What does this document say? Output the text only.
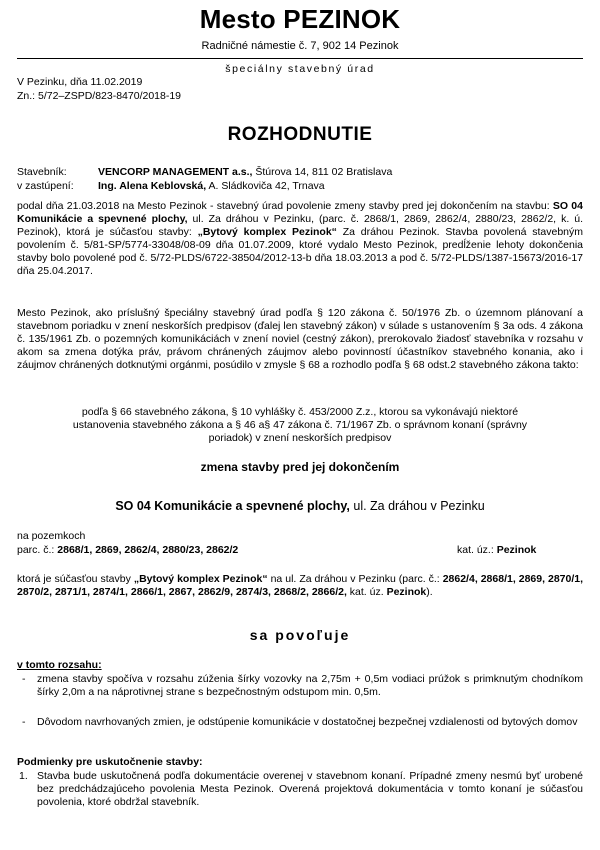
Mesto PEZINOK
Radničné námestie č. 7, 902 14 Pezinok
špeciálny stavebný úrad
V Pezinku, dňa 11.02.2019
Zn.: 5/72–ZSPD/823-8470/2018-19
ROZHODNUTIE
Stavebník:	VENCORP MANAGEMENT a.s., Štúrova 14, 811 02 Bratislava
v zastúpení: Ing. Alena Keblovská, A. Sládkoviča 42, Trnava
podal dňa 21.03.2018 na Mesto Pezinok - stavebný úrad povolenie zmeny stavby pred jej dokončením na stavbu: SO 04 Komunikácie a spevnené plochy, ul. Za dráhou v Pezinku, (parc. č. 2868/1, 2869, 2862/4, 2880/23, 2862/2, k. ú. Pezinok), ktorá je súčasťou stavby: „Bytový komplex Pezinok“ Za dráhou Pezinok. Stavba povolená stavebným povolením č. 5/81-SP/5774-33048/08-09 dňa 01.07.2009, ktoré vydalo Mesto Pezinok, predĺženie lehoty dokončenia stavby bolo povolené pod č. 5/72-PLDS/6722-38504/2012-13-b dňa 18.03.2013 a pod č. 5/72-PLDS/1387-15673/2016-17 dňa 25.04.2017.
Mesto Pezinok, ako príslušný špeciálny stavebný úrad podľa § 120 zákona č. 50/1976 Zb. o územnom plánovaní a stavebnom poriadku v znení neskorších predpisov (ďalej len stavebný zákon) v súlade s ustanovením § 3a ods. 4 zákona č. 135/1961 Zb. o pozemných komunikáciách v znení noviel (cestný zákon), prerokovalo žiadosť stavebníka v rozsahu v akom sa zmena dotýka práv, právom chránených záujmov alebo povinností účastníkov stavebného konania, ako i záujmov chránených dotknutými orgánmi, posúdilo v zmysle § 68 a rozhodlo podľa § 68 odst.2 stavebného zákona takto:
podľa § 66 stavebného zákona, § 10 vyhlášky č. 453/2000 Z.z., ktorou sa vykonávajú niektoré
ustanovenia stavebného zákona a § 46 a§ 47 zákona č. 71/1967 Zb. o správnom konaní (správny
poriadok) v znení neskorších predpisov
zmena stavby pred jej dokončením
SO 04 Komunikácie a spevnené plochy, ul. Za dráhou v Pezinku
na pozemkoch
parc. č.: 2868/1, 2869, 2862/4, 2880/23, 2862/2	kat. úz.: Pezinok
ktorá je súčasťou stavby „Bytový komplex Pezinok“ na ul. Za dráhou v Pezinku (parc. č.: 2862/4, 2868/1, 2869, 2870/1, 2870/2, 2871/1, 2874/1, 2866/1, 2867, 2862/9, 2874/3, 2868/2, 2866/2, kat. úz. Pezinok).
sa povoľuje
v tomto rozsahu:
- zmena stavby spočíva v rozsahu zúženia šírky vozovky na 2,75m + 0,5m vodiaci prúžok s primknutým chodníkom šírky 2,0m a na náprotivnej strane s bezpečnostným odstupom min. 0,5m.
- Dôvodom navrhovaných zmien, je odstúpenie komunikácie v dostatočnej bezpečnej vzdialenosti od bytových domov
Podmienky pre uskutočnenie stavby:
1. Stavba bude uskutočnená podľa dokumentácie overenej v stavebnom konaní. Prípadné zmeny nesmú byť urobené bez predchádzajúceho povolenia Mesta Pezinok. Overená projektová dokumentácia v tomto konaní je súčasťou povolenia, ktoré obdržal stavebník.
